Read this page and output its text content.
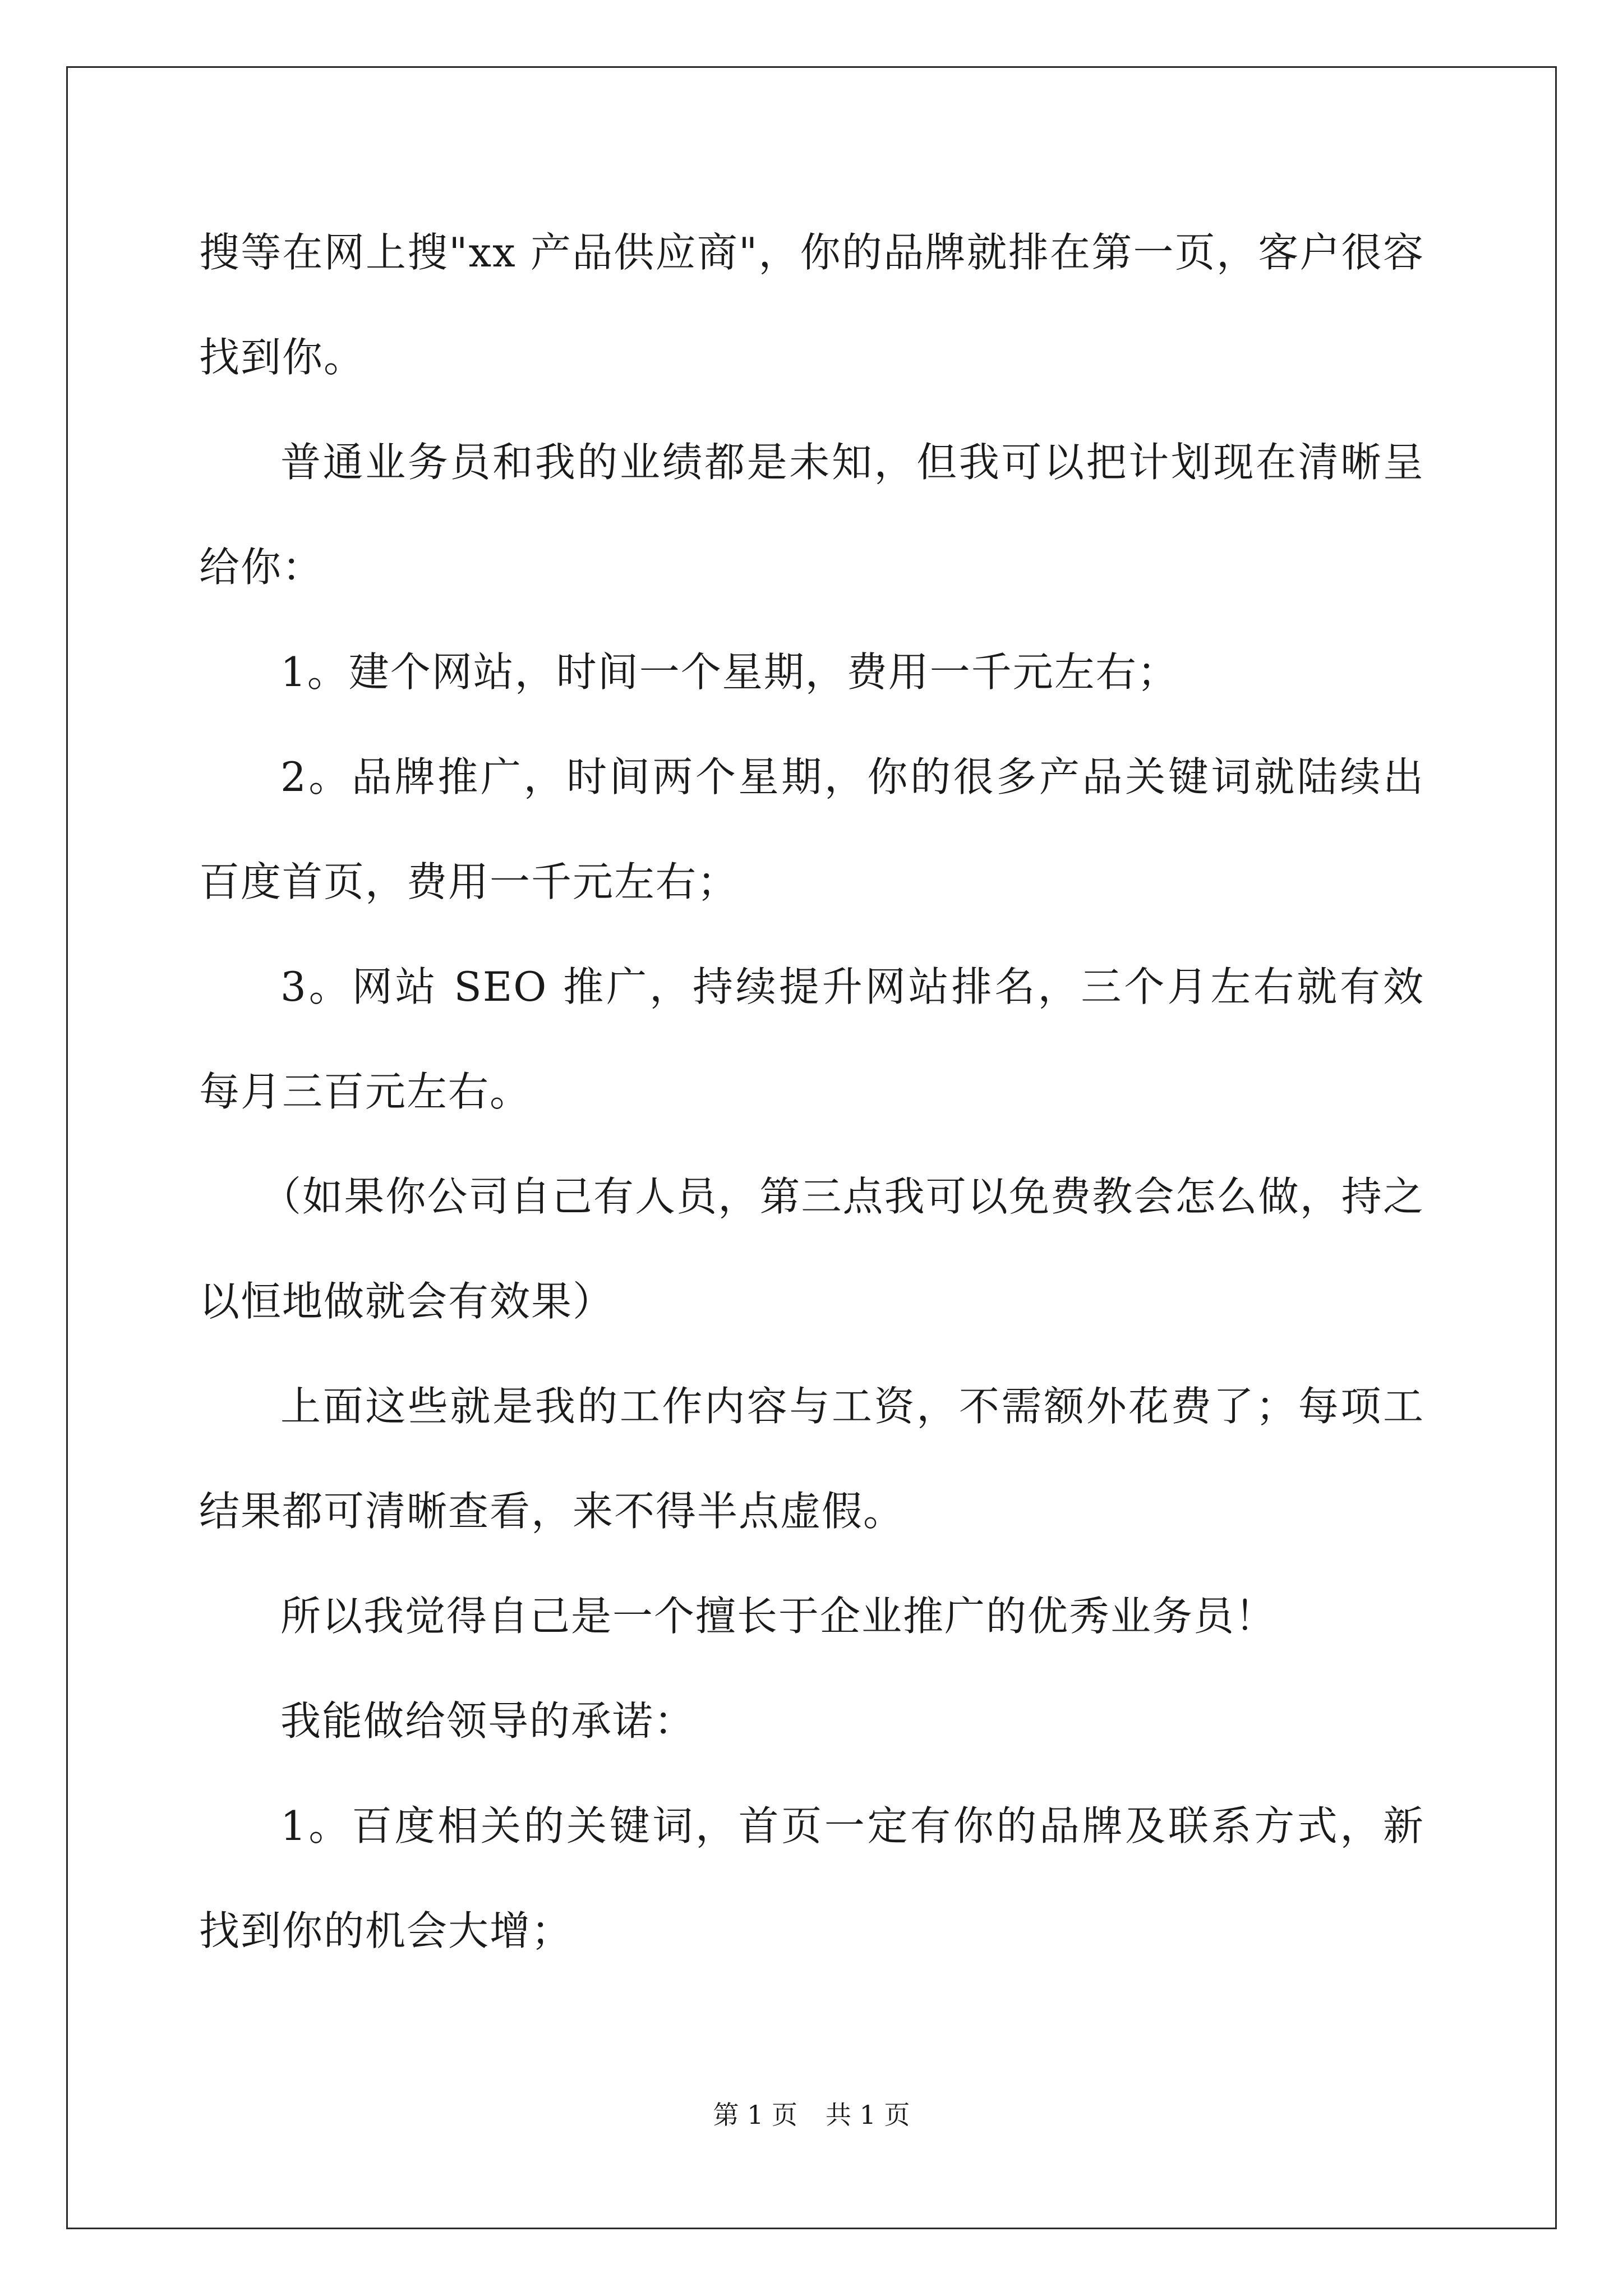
搜等在网上搜"xx 产品供应商"，你的品牌就排在第一页，客户很容
找到你。
普通业务员和我的业绩都是未知，但我可以把计划现在清晰呈
给你：
1。建个网站，时间一个星期，费用一千元左右；
2。品牌推广，时间两个星期，你的很多产品关键词就陆续出
百度首页，费用一千元左右；
3。网站 SEO 推广，持续提升网站排名，三个月左右就有效
每月三百元左右。
（如果你公司自己有人员，第三点我可以免费教会怎么做，持之
以恒地做就会有效果）
上面这些就是我的工作内容与工资，不需额外花费了；每项工
结果都可清晰查看，来不得半点虚假。
所以我觉得自己是一个擅长于企业推广的优秀业务员！
我能做给领导的承诺：
1。百度相关的关键词，首页一定有你的品牌及联系方式，新
找到你的机会大增；
第 1 页 共 1 页
